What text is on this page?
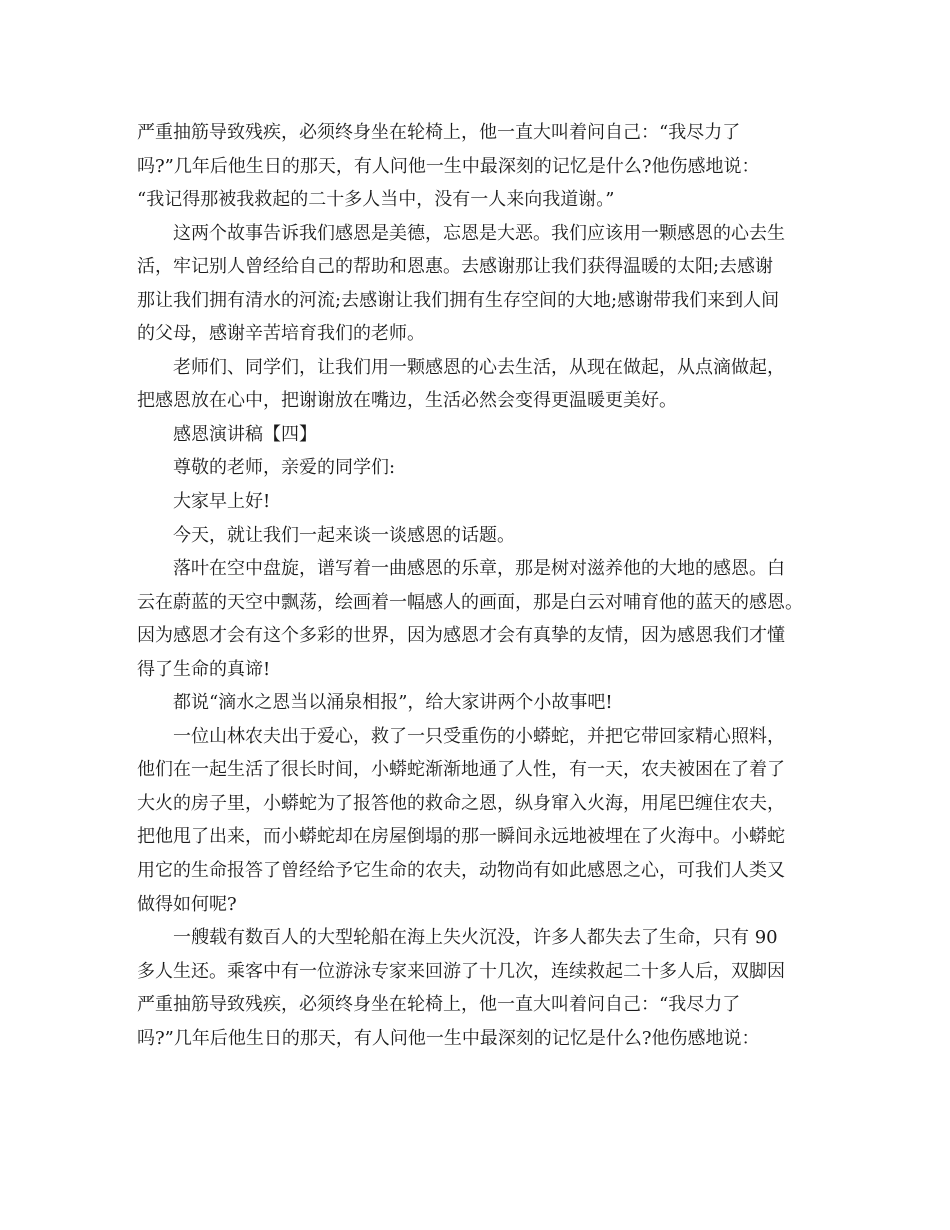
严重抽筋导致残疾，必须终身坐在轮椅上，他一直大叫着问自己：“我尽力了
吗?”几年后他生日的那天，有人问他一生中最深刻的记忆是什么?他伤感地说：
“我记得那被我救起的二十多人当中，没有一人来向我道谢。”
这两个故事告诉我们感恩是美德，忘恩是大恶。我们应该用一颗感恩的心去生
活，牢记别人曾经给自己的帮助和恩惠。去感谢那让我们获得温暖的太阳;去感谢
那让我们拥有清水的河流;去感谢让我们拥有生存空间的大地;感谢带我们来到人间
的父母，感谢辛苦培育我们的老师。
老师们、同学们，让我们用一颗感恩的心去生活，从现在做起，从点滴做起，
把感恩放在心中，把谢谢放在嘴边，生活必然会变得更温暖更美好。
感恩演讲稿【四】
尊敬的老师，亲爱的同学们:
大家早上好!
今天，就让我们一起来谈一谈感恩的话题。
落叶在空中盘旋，谱写着一曲感恩的乐章，那是树对滋养他的大地的感恩。白
云在蔚蓝的天空中飘荡，绘画着一幅感人的画面，那是白云对哺育他的蓝天的感恩。
因为感恩才会有这个多彩的世界，因为感恩才会有真挚的友情，因为感恩我们才懂
得了生命的真谛!
都说“滴水之恩当以涌泉相报”，给大家讲两个小故事吧!
一位山林农夫出于爱心，救了一只受重伤的小蟒蛇，并把它带回家精心照料，
他们在一起生活了很长时间，小蟒蛇渐渐地通了人性，有一天，农夫被困在了着了
大火的房子里，小蟒蛇为了报答他的救命之恩，纵身窜入火海，用尾巴缠住农夫，
把他甩了出来，而小蟒蛇却在房屋倒塌的那一瞬间永远地被埋在了火海中。小蟒蛇
用它的生命报答了曾经给予它生命的农夫，动物尚有如此感恩之心，可我们人类又
做得如何呢?
一艘载有数百人的大型轮船在海上失火沉没，许多人都失去了生命，只有 90
多人生还。乘客中有一位游泳专家来回游了十几次，连续救起二十多人后，双脚因
严重抽筋导致残疾，必须终身坐在轮椅上，他一直大叫着问自己：“我尽力了
吗?”几年后他生日的那天，有人问他一生中最深刻的记忆是什么?他伤感地说：
